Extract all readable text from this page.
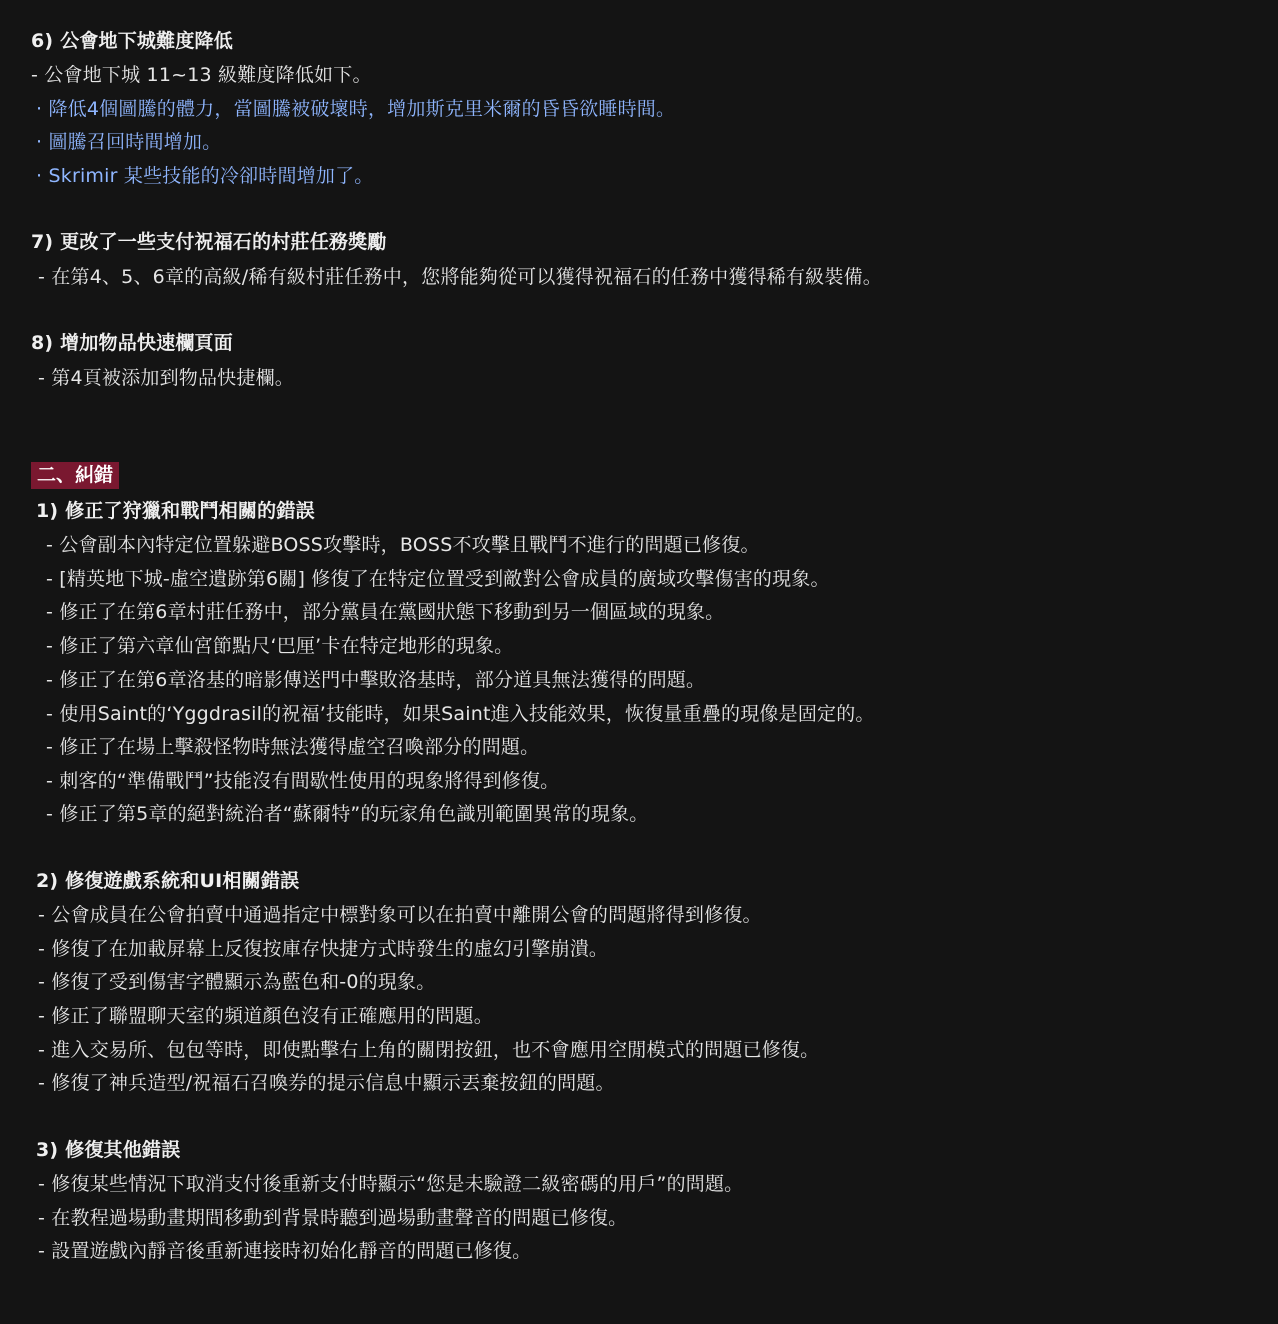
6) 公會地下城難度降低
- 公會地下城 11~13 級難度降低如下。
· 降低4個圖騰的體力，當圖騰被破壞時，增加斯克里米爾的昏昏欲睡時間。
· 圖騰召回時間增加。
· Skrimir 某些技能的冷卻時間增加了。
7) 更改了一些支付祝福石的村莊任務獎勵
- 在第4、5、6章的高級/稀有級村莊任務中，您將能夠從可以獲得祝福石的任務中獲得稀有級裝備。
8) 增加物品快速欄頁面
- 第4頁被添加到物品快捷欄。
二、糾錯
1) 修正了狩獵和戰鬥相關的錯誤
- 公會副本內特定位置躲避BOSS攻擊時，BOSS不攻擊且戰鬥不進行的問題已修復。
- [精英地下城-虛空遺跡第6關] 修復了在特定位置受到敵對公會成員的廣域攻擊傷害的現象。
- 修正了在第6章村莊任務中，部分黨員在黨國狀態下移動到另一個區域的現象。
- 修正了第六章仙宮節點尺‘巴厘’卡在特定地形的現象。
- 修正了在第6章洛基的暗影傳送門中擊敗洛基時，部分道具無法獲得的問題。
- 使用Saint的‘Yggdrasil的祝福’技能時，如果Saint進入技能效果，恢復量重疊的現像是固定的。
- 修正了在場上擊殺怪物時無法獲得虛空召喚部分的問題。
- 刺客的“準備戰鬥”技能沒有間歇性使用的現象將得到修復。
- 修正了第5章的絕對統治者“蘇爾特”的玩家角色識別範圍異常的現象。
2) 修復遊戲系統和UI相關錯誤
- 公會成員在公會拍賣中通過指定中標對象可以在拍賣中離開公會的問題將得到修復。
- 修復了在加載屏幕上反復按庫存快捷方式時發生的虛幻引擎崩潰。
- 修復了受到傷害字體顯示為藍色和-0的現象。
- 修正了聯盟聊天室的頻道顏色沒有正確應用的問題。
- 進入交易所、包包等時，即使點擊右上角的關閉按鈕，也不會應用空閒模式的問題已修復。
- 修復了神兵造型/祝福石召喚券的提示信息中顯示丟棄按鈕的問題。
3) 修復其他錯誤
- 修復某些情況下取消支付後重新支付時顯示“您是未驗證二級密碼的用戶”的問題。
- 在教程過場動畫期間移動到背景時聽到過場動畫聲音的問題已修復。
- 設置遊戲內靜音後重新連接時初始化靜音的問題已修復。
